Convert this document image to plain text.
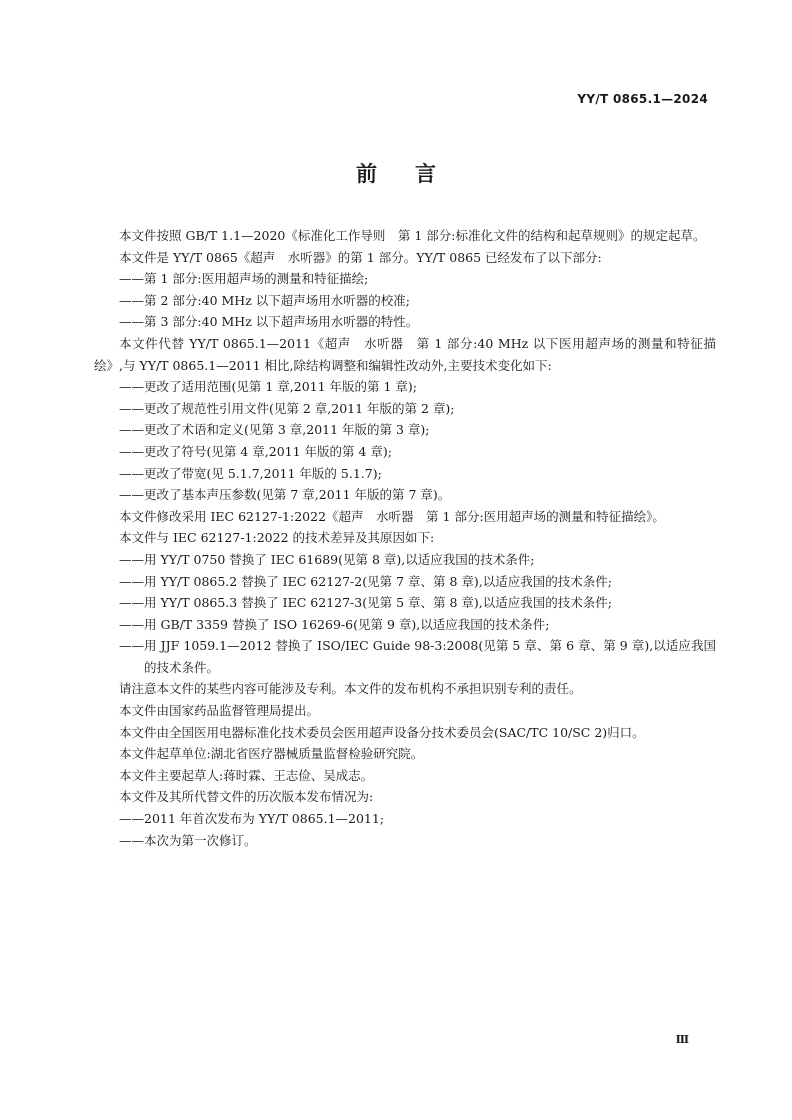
YY/T 0865.1—2024
前言

本文件按照 GB/T 1.1—2020《标准化工作导则　第 1 部分:标准化文件的结构和起草规则》的规定起草。

本文件是 YY/T 0865《超声　水听器》的第 1 部分。YY/T 0865 已经发布了以下部分:

——第 1 部分:医用超声场的测量和特征描绘;

——第 2 部分:40 MHz 以下超声场用水听器的校准;

——第 3 部分:40 MHz 以下超声场用水听器的特性。

本文件代替 YY/T 0865.1—2011《超声　水听器　第 1 部分:40 MHz 以下医用超声场的测量和特征描绘》,与 YY/T 0865.1—2011 相比,除结构调整和编辑性改动外,主要技术变化如下:

——更改了适用范围(见第 1 章,2011 年版的第 1 章);

——更改了规范性引用文件(见第 2 章,2011 年版的第 2 章);

——更改了术语和定义(见第 3 章,2011 年版的第 3 章);

——更改了符号(见第 4 章,2011 年版的第 4 章);

——更改了带宽(见 5.1.7,2011 年版的 5.1.7);

——更改了基本声压参数(见第 7 章,2011 年版的第 7 章)。

本文件修改采用 IEC 62127-1:2022《超声　水听器　第 1 部分:医用超声场的测量和特征描绘》。

本文件与 IEC 62127-1:2022 的技术差异及其原因如下:

——用 YY/T 0750 替换了 IEC 61689(见第 8 章),以适应我国的技术条件;

——用 YY/T 0865.2 替换了 IEC 62127-2(见第 7 章、第 8 章),以适应我国的技术条件;

——用 YY/T 0865.3 替换了 IEC 62127-3(见第 5 章、第 8 章),以适应我国的技术条件;

——用 GB/T 3359 替换了 ISO 16269-6(见第 9 章),以适应我国的技术条件;

——用 JJF 1059.1—2012 替换了 ISO/IEC Guide 98-3:2008(见第 5 章、第 6 章、第 9 章),以适应我国的技术条件。

请注意本文件的某些内容可能涉及专利。本文件的发布机构不承担识别专利的责任。

本文件由国家药品监督管理局提出。

本文件由全国医用电器标准化技术委员会医用超声设备分技术委员会(SAC/TC 10/SC 2)归口。

本文件起草单位:湖北省医疗器械质量监督检验研究院。

本文件主要起草人:蒋时霖、王志俭、吴成志。

本文件及其所代替文件的历次版本发布情况为:

——2011 年首次发布为 YY/T 0865.1—2011;

——本次为第一次修订。

Ⅲ
